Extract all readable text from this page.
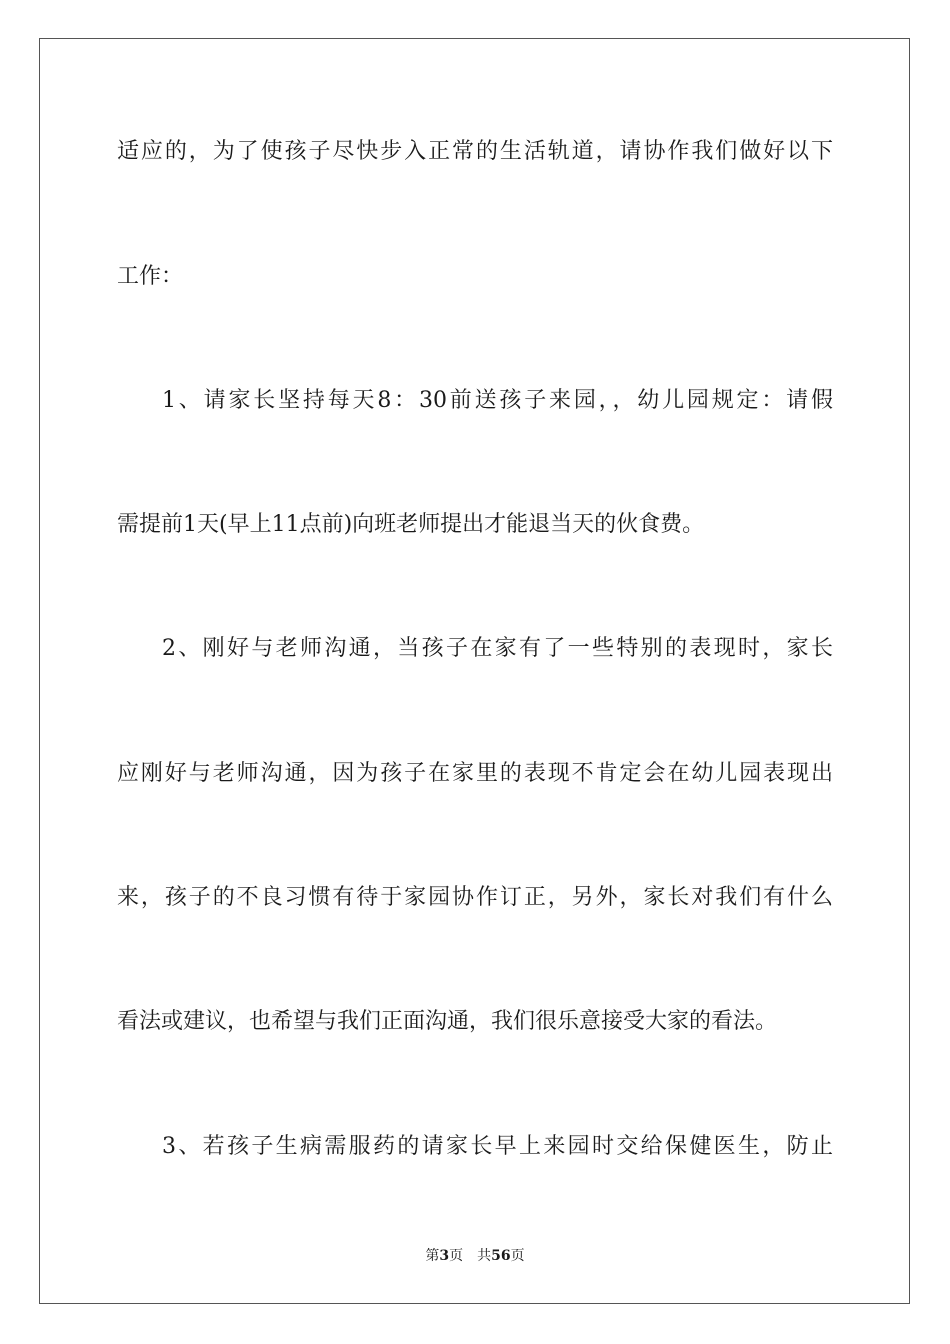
适应的，为了使孩子尽快步入正常的生活轨道，请协作我们做好以下
工作：
1、请家长坚持每天8：30前送孩子来园，，幼儿园规定：请假
需提前1天(早上11点前)向班老师提出才能退当天的伙食费。
2、刚好与老师沟通，当孩子在家有了一些特别的表现时，家长
应刚好与老师沟通，因为孩子在家里的表现不肯定会在幼儿园表现出
来，孩子的不良习惯有待于家园协作订正，另外，家长对我们有什么
看法或建议，也希望与我们正面沟通，我们很乐意接受大家的看法。
3、若孩子生病需服药的请家长早上来园时交给保健医生，防止
第3页 共56页
